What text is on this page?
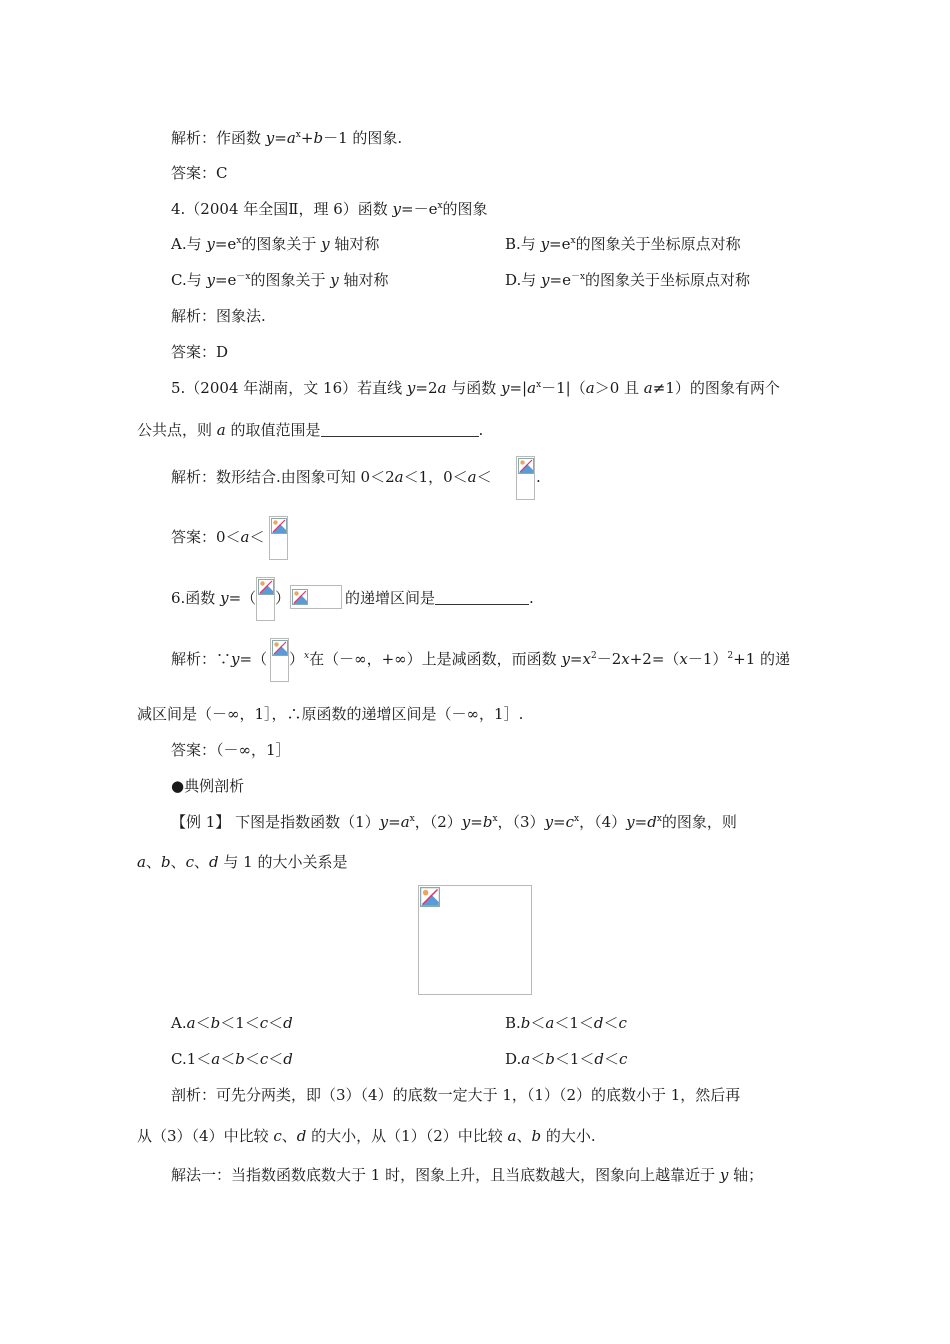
解析：作函数 $y=a^x+b-1$ 的图象.
答案：C
4.（2004 年全国Ⅱ，理 6）函数 $y=-e^x$的图象
A.与 $y=e^x$的图象关于 y 轴对称	B.与 $y=e^x$的图象关于坐标原点对称
C.与 $y=e^{-x}$的图象关于 y 轴对称	D.与 $y=e^{-x}$的图象关于坐标原点对称
解析：图象法.
答案：D
5.（2004 年湖南，文 16）若直线 y=2a 与函数 $y=|a^x-1|(a>0$ 且 a≠1）的图象有两个
公共点，则 a 的取值范围是	.
解析：数形结合.由图象可知 0＜2a＜1，0＜a＜	.
答案：0＜a＜
6.函数 y=（ ）	的递增区间是	.
解析：∵y=（ ）$^x$在（－∞，+∞）上是减函数，而函数 $y=x^2-2x+2=(x-1)^2+1$ 的递
减区间是（－∞，1］，∴原函数的递增区间是（－∞，1］.
答案：（－∞，1］
●典例剖析
【例 1】 下图是指数函数$(1)y=a^x$，$(2)y=b^x$，$(3)y=c^x$，$(4)y=d^x$的图象，则
a、b、c、d 与 1 的大小关系是
A.a＜b＜1＜c＜d	B.b＜a＜1＜d＜c
C.1＜a＜b＜c＜d	D.a＜b＜1＜d＜c
剖析：可先分两类，即（3）（4）的底数一定大于 1，（1）（2）的底数小于 1，然后再
从（3）（4）中比较 c、d 的大小，从（1）（2）中比较 a、b 的大小.
解法一：当指数函数底数大于 1 时，图象上升，且当底数越大，图象向上越靠近于 y 轴；
